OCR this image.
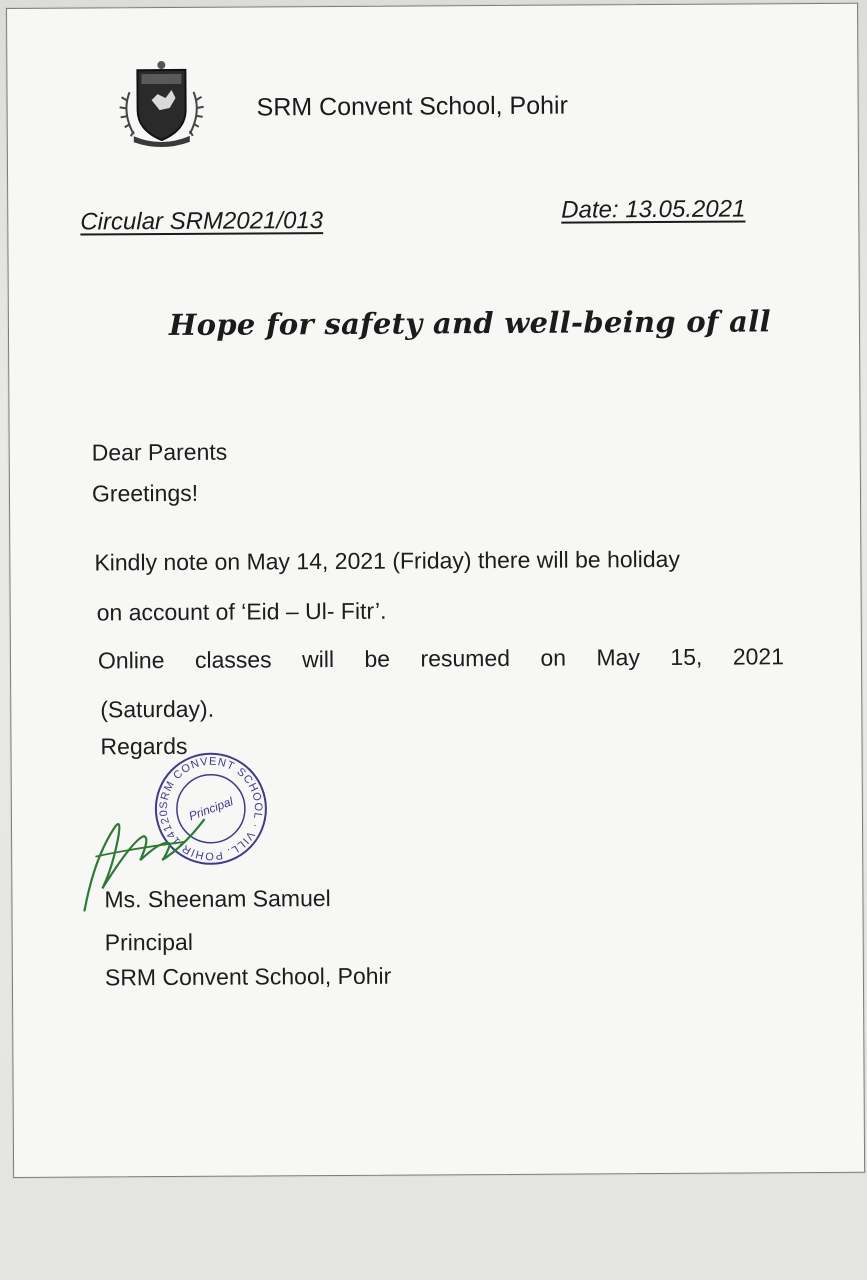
SRM Convent School, Pohir
Circular SRM2021/013	Date: 13.05.2021
Hope for safety and well-being of all
Dear Parents
Greetings!
Kindly note on May 14, 2021 (Friday) there will be holiday
on account of ‘Eid – Ul- Fitr’.
Online classes will be resumed on May 15, 2021
(Saturday).
Regards
SRM CONVENT SCHOOL · VILL. POHIR-141204
Principal
Ms. Sheenam Samuel
Principal
SRM Convent School, Pohir
